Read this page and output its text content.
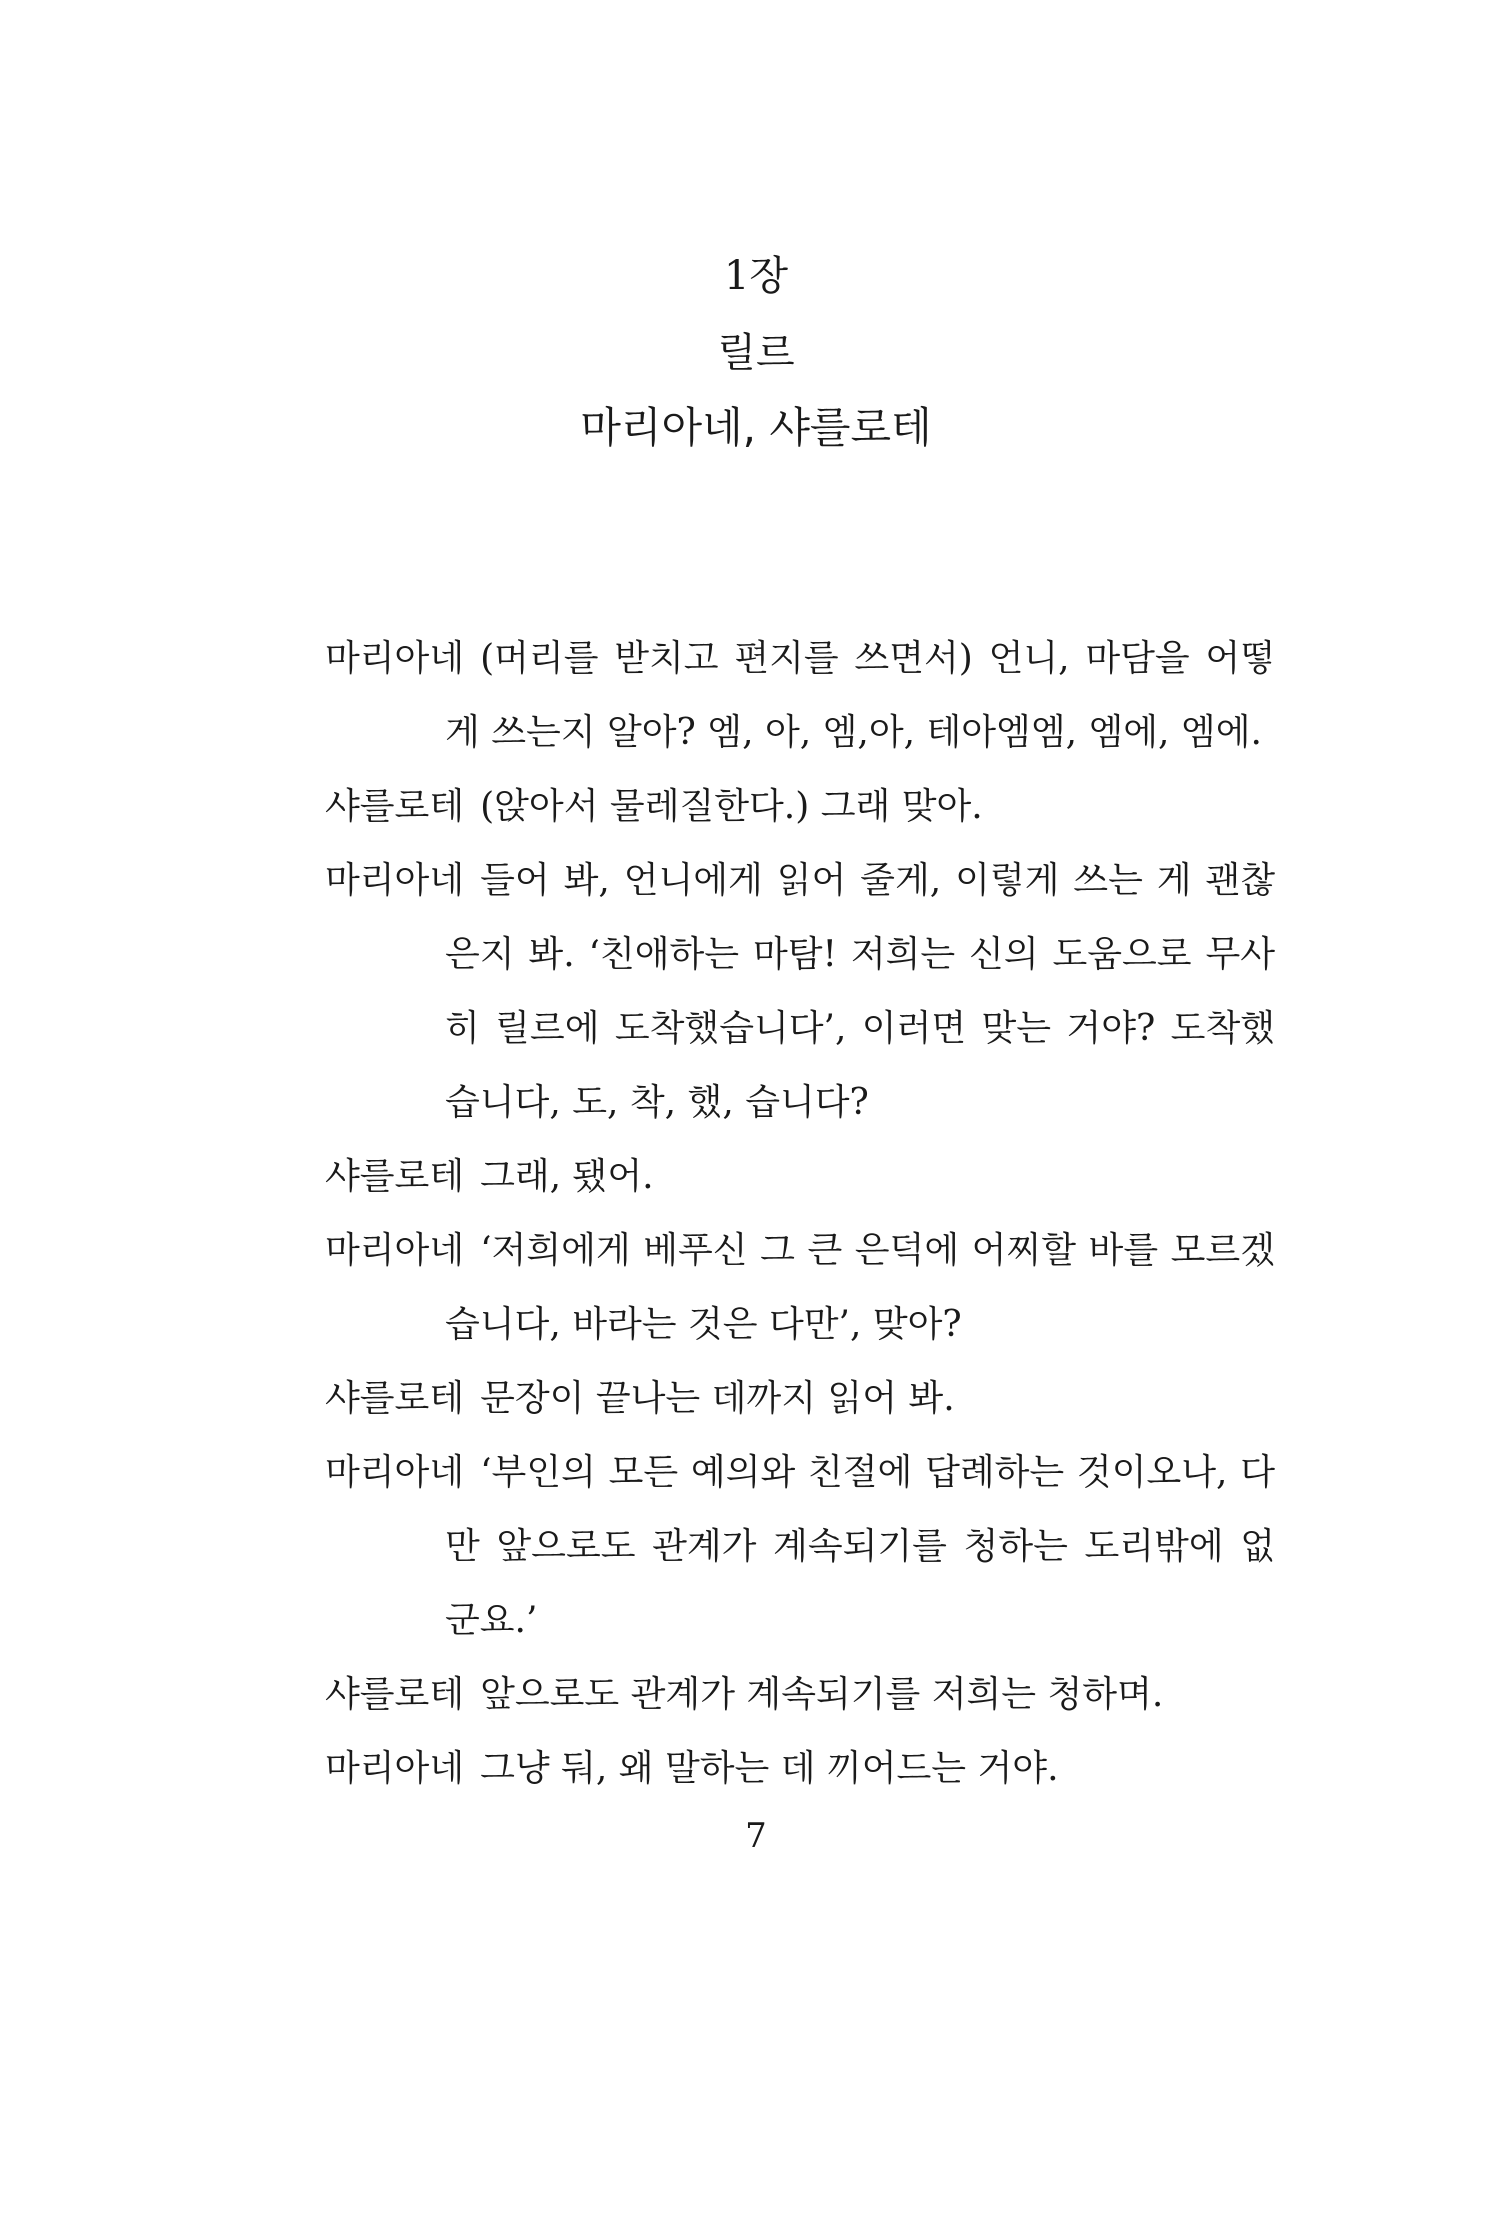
1장
릴르
마리아네, 샤를로테
마리아네 (머리를 받치고 편지를 쓰면서) 언니, 마담을 어떻게 쓰는지 알아? 엠, 아, 엠,아, 테아엠엠, 엠에, 엠에.
샤를로테 (앉아서 물레질한다.) 그래 맞아.
마리아네 들어 봐, 언니에게 읽어 줄게, 이렇게 쓰는 게 괜찮은지 봐. ‘친애하는 마탐! 저희는 신의 도움으로 무사히 릴르에 도착했습니다’, 이러면 맞는 거야? 도착했습니다, 도, 착, 했, 습니다?
샤를로테 그래, 됐어.
마리아네 ‘저희에게 베푸신 그 큰 은덕에 어찌할 바를 모르겠습니다, 바라는 것은 다만’, 맞아?
샤를로테 문장이 끝나는 데까지 읽어 봐.
마리아네 ‘부인의 모든 예의와 친절에 답례하는 것이오나, 다만 앞으로도 관계가 계속되기를 청하는 도리밖에 없군요.’
샤를로테 앞으로도 관계가 계속되기를 저희는 청하며.
마리아네 그냥 둬, 왜 말하는 데 끼어드는 거야.
7
